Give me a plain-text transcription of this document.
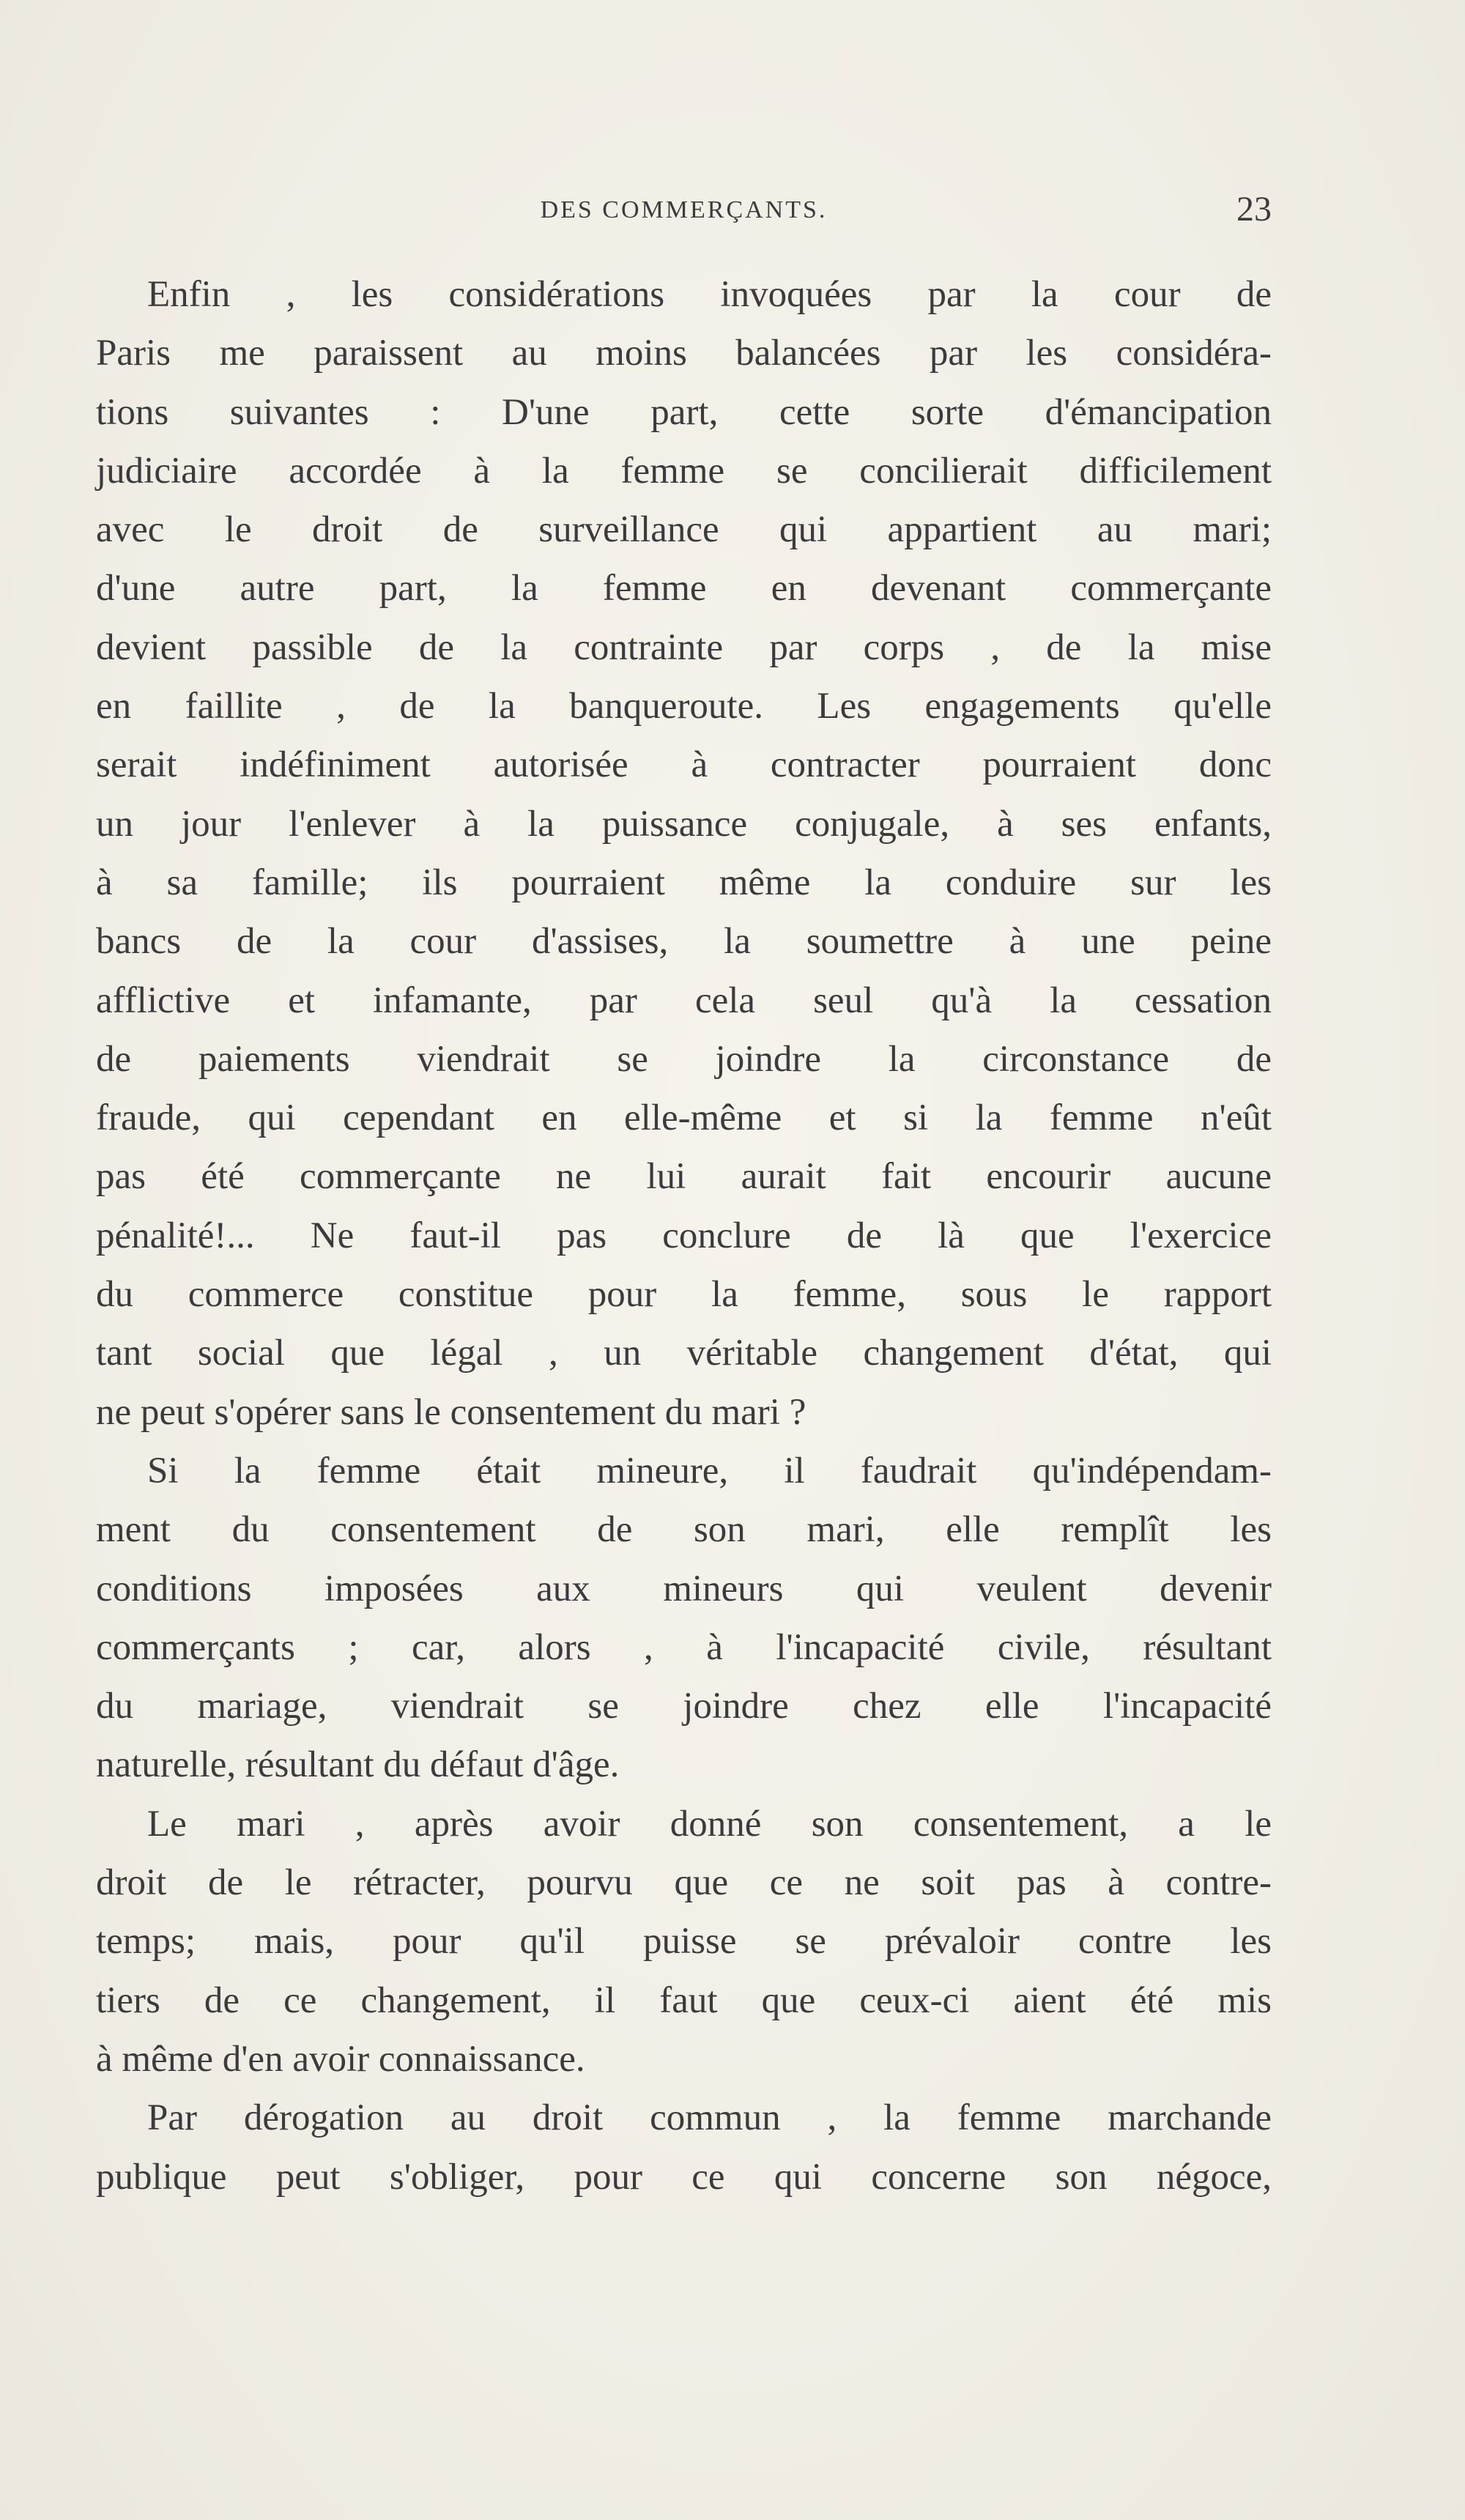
DES COMMERÇANTS.	23
Enfin , les considérations invoquées par la cour de
Paris me paraissent au moins balancées par les considéra-
tions suivantes : D'une part, cette sorte d'émancipation
judiciaire accordée à la femme se concilierait difficilement
avec le droit de surveillance qui appartient au mari;
d'une autre part, la femme en devenant commerçante
devient passible de la contrainte par corps , de la mise
en faillite , de la banqueroute. Les engagements qu'elle
serait indéfiniment autorisée à contracter pourraient donc
un jour l'enlever à la puissance conjugale, à ses enfants,
à sa famille; ils pourraient même la conduire sur les
bancs de la cour d'assises, la soumettre à une peine
afflictive et infamante, par cela seul qu'à la cessation
de paiements viendrait se joindre la circonstance de
fraude, qui cependant en elle-même et si la femme n'eût
pas été commerçante ne lui aurait fait encourir aucune
pénalité!... Ne faut-il pas conclure de là que l'exercice
du commerce constitue pour la femme, sous le rapport
tant social que légal , un véritable changement d'état, qui
ne peut s'opérer sans le consentement du mari ?
Si la femme était mineure, il faudrait qu'indépendam-
ment du consentement de son mari, elle remplît les
conditions imposées aux mineurs qui veulent devenir
commerçants ; car, alors , à l'incapacité civile, résultant
du mariage, viendrait se joindre chez elle l'incapacité
naturelle, résultant du défaut d'âge.
Le mari , après avoir donné son consentement, a le
droit de le rétracter, pourvu que ce ne soit pas à contre-
temps; mais, pour qu'il puisse se prévaloir contre les
tiers de ce changement, il faut que ceux-ci aient été mis
à même d'en avoir connaissance.
Par dérogation au droit commun , la femme marchande
publique peut s'obliger, pour ce qui concerne son négoce,
